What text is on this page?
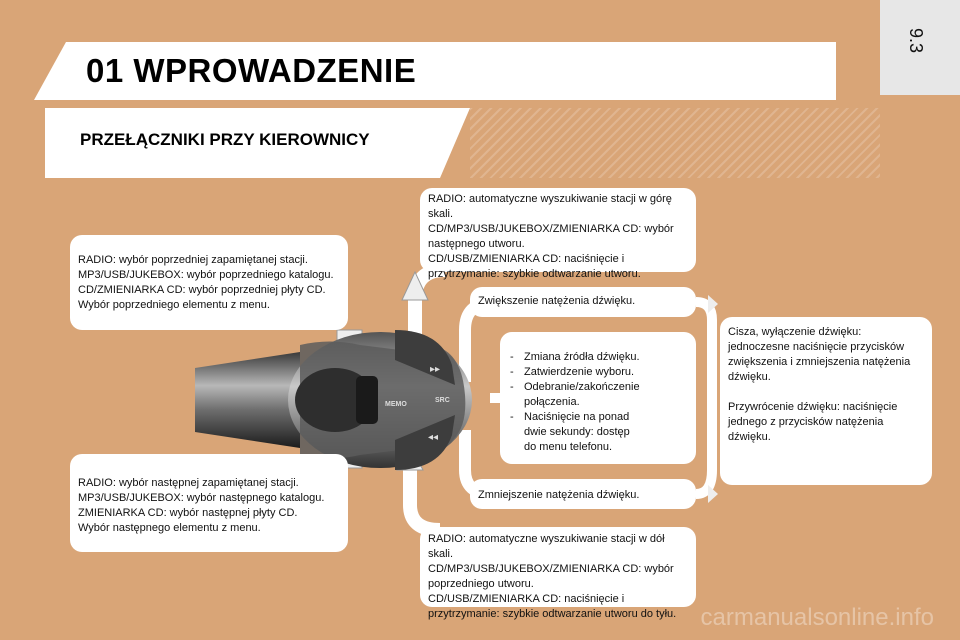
9.3
01 WPROWADZENIE
PRZEŁĄCZNIKI PRZY KIEROWNICY
MEMO
SRC
▸▸
◂◂

RADIO: wybór poprzedniej zapamiętanej stacji.

MP3/USB/JUKEBOX: wybór poprzedniego katalogu.

CD/ZMIENIARKA CD: wybór poprzedniej płyty CD.

Wybór poprzedniego elementu z menu.

RADIO: wybór następnej zapamiętanej stacji.

MP3/USB/JUKEBOX: wybór następnego katalogu.

ZMIENIARKA CD: wybór następnej płyty CD.

Wybór następnego elementu z menu.

RADIO: automatyczne wyszukiwanie stacji w górę

skali.

CD/MP3/USB/JUKEBOX/ZMIENIARKA CD: wybór

następnego utworu.

CD/USB/ZMIENIARKA CD: naciśnięcie i

przytrzymanie: szybkie odtwarzanie utworu.

Zwiększenie natężenia dźwięku.

- Zmiana źródła dźwięku.
- Zatwierdzenie wyboru.
- Odebranie/zakończenie połączenia.
- Naciśnięcie na ponad dwie sekundy: dostęp do menu telefonu.

Zmniejszenie natężenia dźwięku.

RADIO: automatyczne wyszukiwanie stacji w dół skali.

CD/MP3/USB/JUKEBOX/ZMIENIARKA CD: wybór

poprzedniego utworu.

CD/USB/ZMIENIARKA CD: naciśnięcie i

przytrzymanie: szybkie odtwarzanie utworu do tyłu.

Cisza, wyłączenie dźwięku: jednoczesne naciśnięcie przycisków zwiększenia i zmniejszenia natężenia dźwięku.

Przywrócenie dźwięku: naciśnięcie jednego z przycisków natężenia dźwięku.

carmanualsonline.info
